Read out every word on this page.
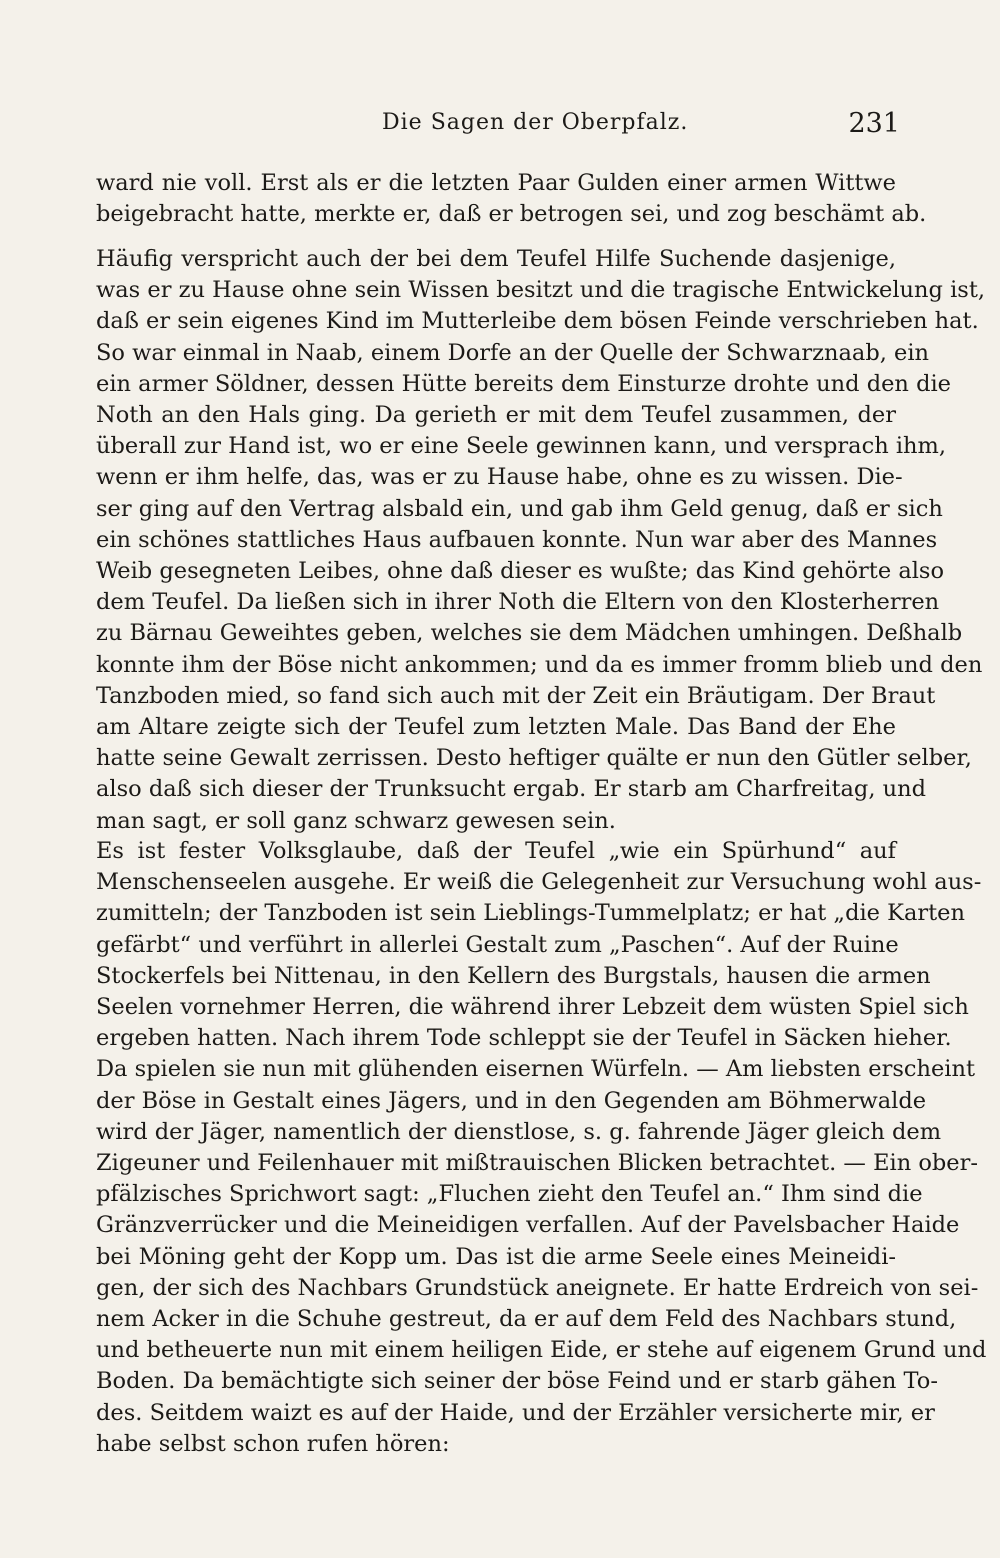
Die Sagen der Oberpfalz.	231
ward nie voll. Erst als er die letzten Paar Gulden einer armen Wittwe
beigebracht hatte, merkte er, daß er betrogen sei, und zog beschämt ab.
Häufig verspricht auch der bei dem Teufel Hilfe Suchende dasjenige,
was er zu Hause ohne sein Wissen besitzt und die tragische Entwickelung ist,
daß er sein eigenes Kind im Mutterleibe dem bösen Feinde verschrieben hat.
So war einmal in Naab, einem Dorfe an der Quelle der Schwarznaab, ein
ein armer Söldner, dessen Hütte bereits dem Einsturze drohte und den die
Noth an den Hals ging. Da gerieth er mit dem Teufel zusammen, der
überall zur Hand ist, wo er eine Seele gewinnen kann, und versprach ihm,
wenn er ihm helfe, das, was er zu Hause habe, ohne es zu wissen. Die-
ser ging auf den Vertrag alsbald ein, und gab ihm Geld genug, daß er sich
ein schönes stattliches Haus aufbauen konnte. Nun war aber des Mannes
Weib gesegneten Leibes, ohne daß dieser es wußte; das Kind gehörte also
dem Teufel. Da ließen sich in ihrer Noth die Eltern von den Klosterherren
zu Bärnau Geweihtes geben, welches sie dem Mädchen umhingen. Deßhalb
konnte ihm der Böse nicht ankommen; und da es immer fromm blieb und den
Tanzboden mied, so fand sich auch mit der Zeit ein Bräutigam. Der Braut
am Altare zeigte sich der Teufel zum letzten Male. Das Band der Ehe
hatte seine Gewalt zerrissen. Desto heftiger quälte er nun den Gütler selber,
also daß sich dieser der Trunksucht ergab. Er starb am Charfreitag, und
man sagt, er soll ganz schwarz gewesen sein.
Es ist fester Volksglaube, daß der Teufel „wie ein Spürhund“ auf
Menschenseelen ausgehe. Er weiß die Gelegenheit zur Versuchung wohl aus-
zumitteln; der Tanzboden ist sein Lieblings-Tummelplatz; er hat „die Karten
gefärbt“ und verführt in allerlei Gestalt zum „Paschen“. Auf der Ruine
Stockerfels bei Nittenau, in den Kellern des Burgstals, hausen die armen
Seelen vornehmer Herren, die während ihrer Lebzeit dem wüsten Spiel sich
ergeben hatten. Nach ihrem Tode schleppt sie der Teufel in Säcken hieher.
Da spielen sie nun mit glühenden eisernen Würfeln. — Am liebsten erscheint
der Böse in Gestalt eines Jägers, und in den Gegenden am Böhmerwalde
wird der Jäger, namentlich der dienstlose, s. g. fahrende Jäger gleich dem
Zigeuner und Feilenhauer mit mißtrauischen Blicken betrachtet. — Ein ober-
pfälzisches Sprichwort sagt: „Fluchen zieht den Teufel an.“ Ihm sind die
Gränzverrücker und die Meineidigen verfallen. Auf der Pavelsbacher Haide
bei Möning geht der Kopp um. Das ist die arme Seele eines Meineidi-
gen, der sich des Nachbars Grundstück aneignete. Er hatte Erdreich von sei-
nem Acker in die Schuhe gestreut, da er auf dem Feld des Nachbars stund,
und betheuerte nun mit einem heiligen Eide, er stehe auf eigenem Grund und
Boden. Da bemächtigte sich seiner der böse Feind und er starb gähen To-
des. Seitdem waizt es auf der Haide, und der Erzähler versicherte mir, er
habe selbst schon rufen hören:
